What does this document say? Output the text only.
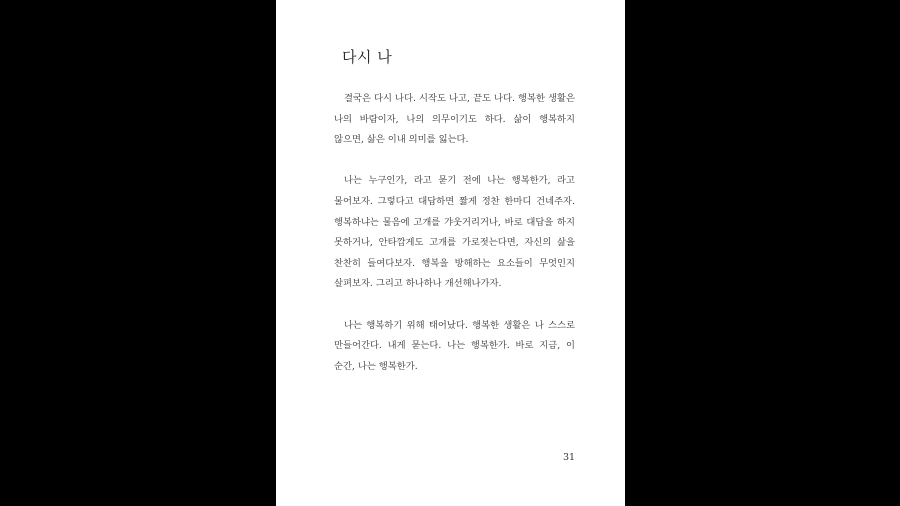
다시 나

결국은 다시 나다. 시작도 나고, 끝도 나다. 행복한 생활은 나의 바람이자, 나의 의무이기도 하다. 삶이 행복하지 않으면, 삶은 이내 의미를 잃는다.

나는 누구인가, 라고 묻기 전에 나는 행복한가, 라고 물어보자. 그렇다고 대답하면 짧게 정찬 한마디 건네주자. 행복하냐는 물음에 고개를 갸웃거리거나, 바로 대답을 하지 못하거나, 안타깝게도 고개를 가로젓는다면, 자신의 삶을 찬찬히 들여다보자. 행복을 방해하는 요소들이 무엇인지 살펴보자. 그리고 하나하나 개선해나가자.

나는 행복하기 위해 태어났다. 행복한 생활은 나 스스로 만들어간다. 내게 묻는다. 나는 행복한가. 바로 지금, 이 순간, 나는 행복한가.

31
